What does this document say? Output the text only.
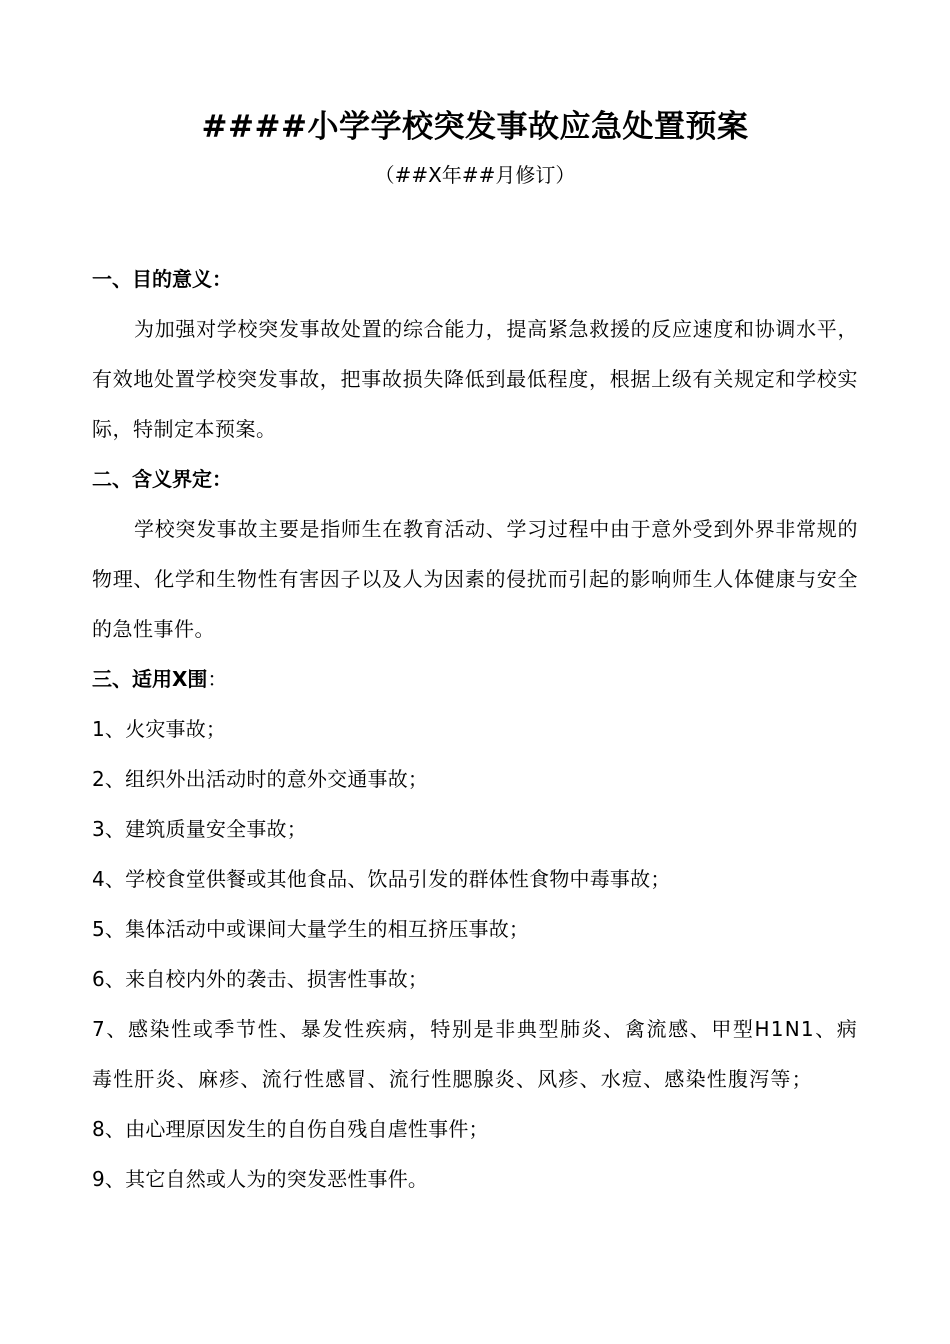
####小学学校突发事故应急处置预案
（##X年##月修订）

一、目的意义：

为加强对学校突发事故处置的综合能力，提高紧急救援的反应速度和协调水平，有效地处置学校突发事故，把事故损失降低到最低程度，根据上级有关规定和学校实际，特制定本预案。

二、含义界定：

学校突发事故主要是指师生在教育活动、学习过程中由于意外受到外界非常规的物理、化学和生物性有害因子以及人为因素的侵扰而引起的影响师生人体健康与安全的急性事件。

三、适用X围：

1、火灾事故；

2、组织外出活动时的意外交通事故；

3、建筑质量安全事故；

4、学校食堂供餐或其他食品、饮品引发的群体性食物中毒事故；

5、集体活动中或课间大量学生的相互挤压事故；

6、来自校内外的袭击、损害性事故；

7、感染性或季节性、暴发性疾病，特别是非典型肺炎、禽流感、甲型H1N1、病毒性肝炎、麻疹、流行性感冒、流行性腮腺炎、风疹、水痘、感染性腹泻等；

8、由心理原因发生的自伤自残自虐性事件；

9、其它自然或人为的突发恶性事件。
